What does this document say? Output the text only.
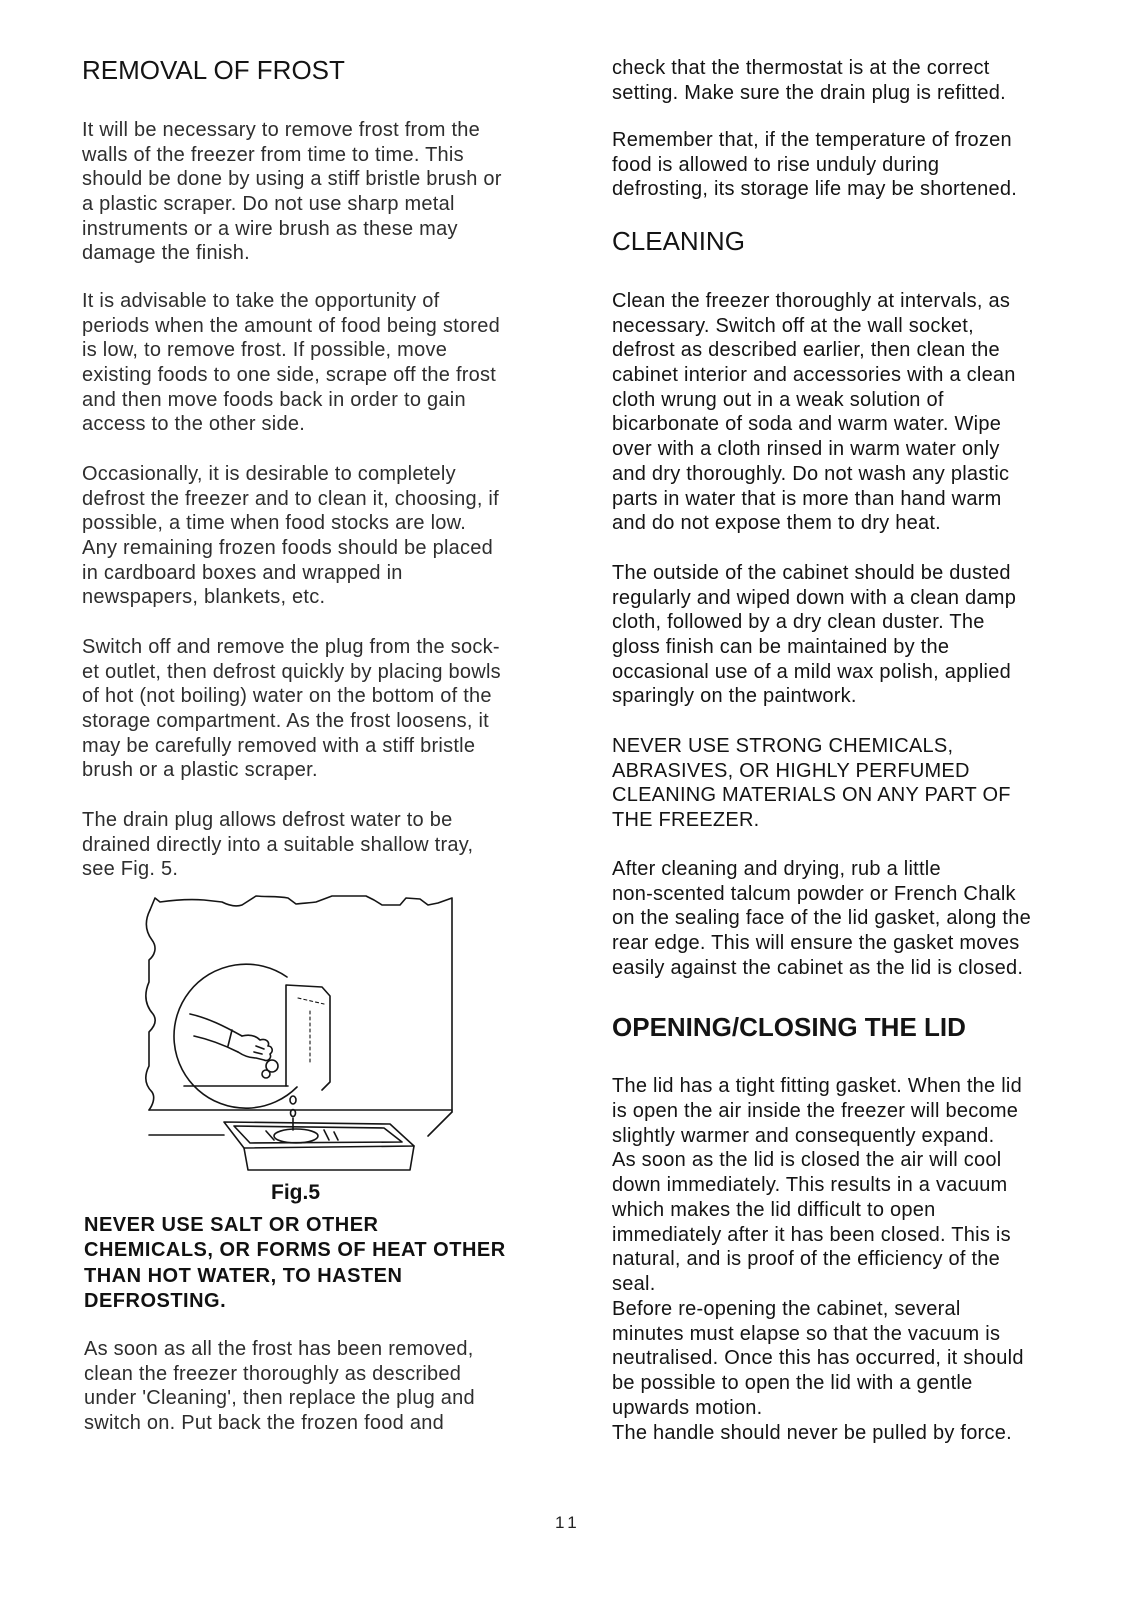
REMOVAL OF FROST
It will be necessary to remove frost from the
walls of the freezer from time to time. This
should be done by using a stiff bristle brush or
a plastic scraper. Do not use sharp metal
instruments or a wire brush as these may
damage the finish.
It is advisable to take the opportunity of
periods when the amount of food being stored
is low, to remove frost. If possible, move
existing foods to one side, scrape off the frost
and then move foods back in order to gain
access to the other side.
Occasionally, it is desirable to completely
defrost the freezer and to clean it, choosing, if
possible, a time when food stocks are low.
Any remaining frozen foods should be placed
in cardboard boxes and wrapped in
newspapers, blankets, etc.
Switch off and remove the plug from the sock-
et outlet, then defrost quickly by placing bowls
of hot (not boiling) water on the bottom of the
storage compartment. As the frost loosens, it
may be carefully removed with a stiff bristle
brush or a plastic scraper.
The drain plug allows defrost water to be
drained directly into a suitable shallow tray,
see Fig. 5.
Fig.5
NEVER USE SALT OR OTHER
CHEMICALS, OR FORMS OF HEAT OTHER
THAN HOT WATER, TO HASTEN
DEFROSTING.
As soon as all the frost has been removed,
clean the freezer thoroughly as described
under 'Cleaning', then replace the plug and
switch on. Put back the frozen food and
check that the thermostat is at the correct
setting. Make sure the drain plug is refitted.
Remember that, if the temperature of frozen
food is allowed to rise unduly during
defrosting, its storage life may be shortened.
CLEANING
Clean the freezer thoroughly at intervals, as
necessary. Switch off at the wall socket,
defrost as described earlier, then clean the
cabinet interior and accessories with a clean
cloth wrung out in a weak solution of
bicarbonate of soda and warm water. Wipe
over with a cloth rinsed in warm water only
and dry thoroughly. Do not wash any plastic
parts in water that is more than hand warm
and do not expose them to dry heat.
The outside of the cabinet should be dusted
regularly and wiped down with a clean damp
cloth, followed by a dry clean duster. The
gloss finish can be maintained by the
occasional use of a mild wax polish, applied
sparingly on the paintwork.
NEVER USE STRONG CHEMICALS,
ABRASIVES, OR HIGHLY PERFUMED
CLEANING MATERIALS ON ANY PART OF
THE FREEZER.
After cleaning and drying, rub a little
non-scented talcum powder or French Chalk
on the sealing face of the lid gasket, along the
rear edge. This will ensure the gasket moves
easily against the cabinet as the lid is closed.
OPENING/CLOSING THE LID
The lid has a tight fitting gasket. When the lid
is open the air inside the freezer will become
slightly warmer and consequently expand.
As soon as the lid is closed the air will cool
down immediately. This results in a vacuum
which makes the lid difficult to open
immediately after it has been closed. This is
natural, and is proof of the efficiency of the
seal.
Before re-opening the cabinet, several
minutes must elapse so that the vacuum is
neutralised. Once this has occurred, it should
be possible to open the lid with a gentle
upwards motion.
The handle should never be pulled by force.
11
